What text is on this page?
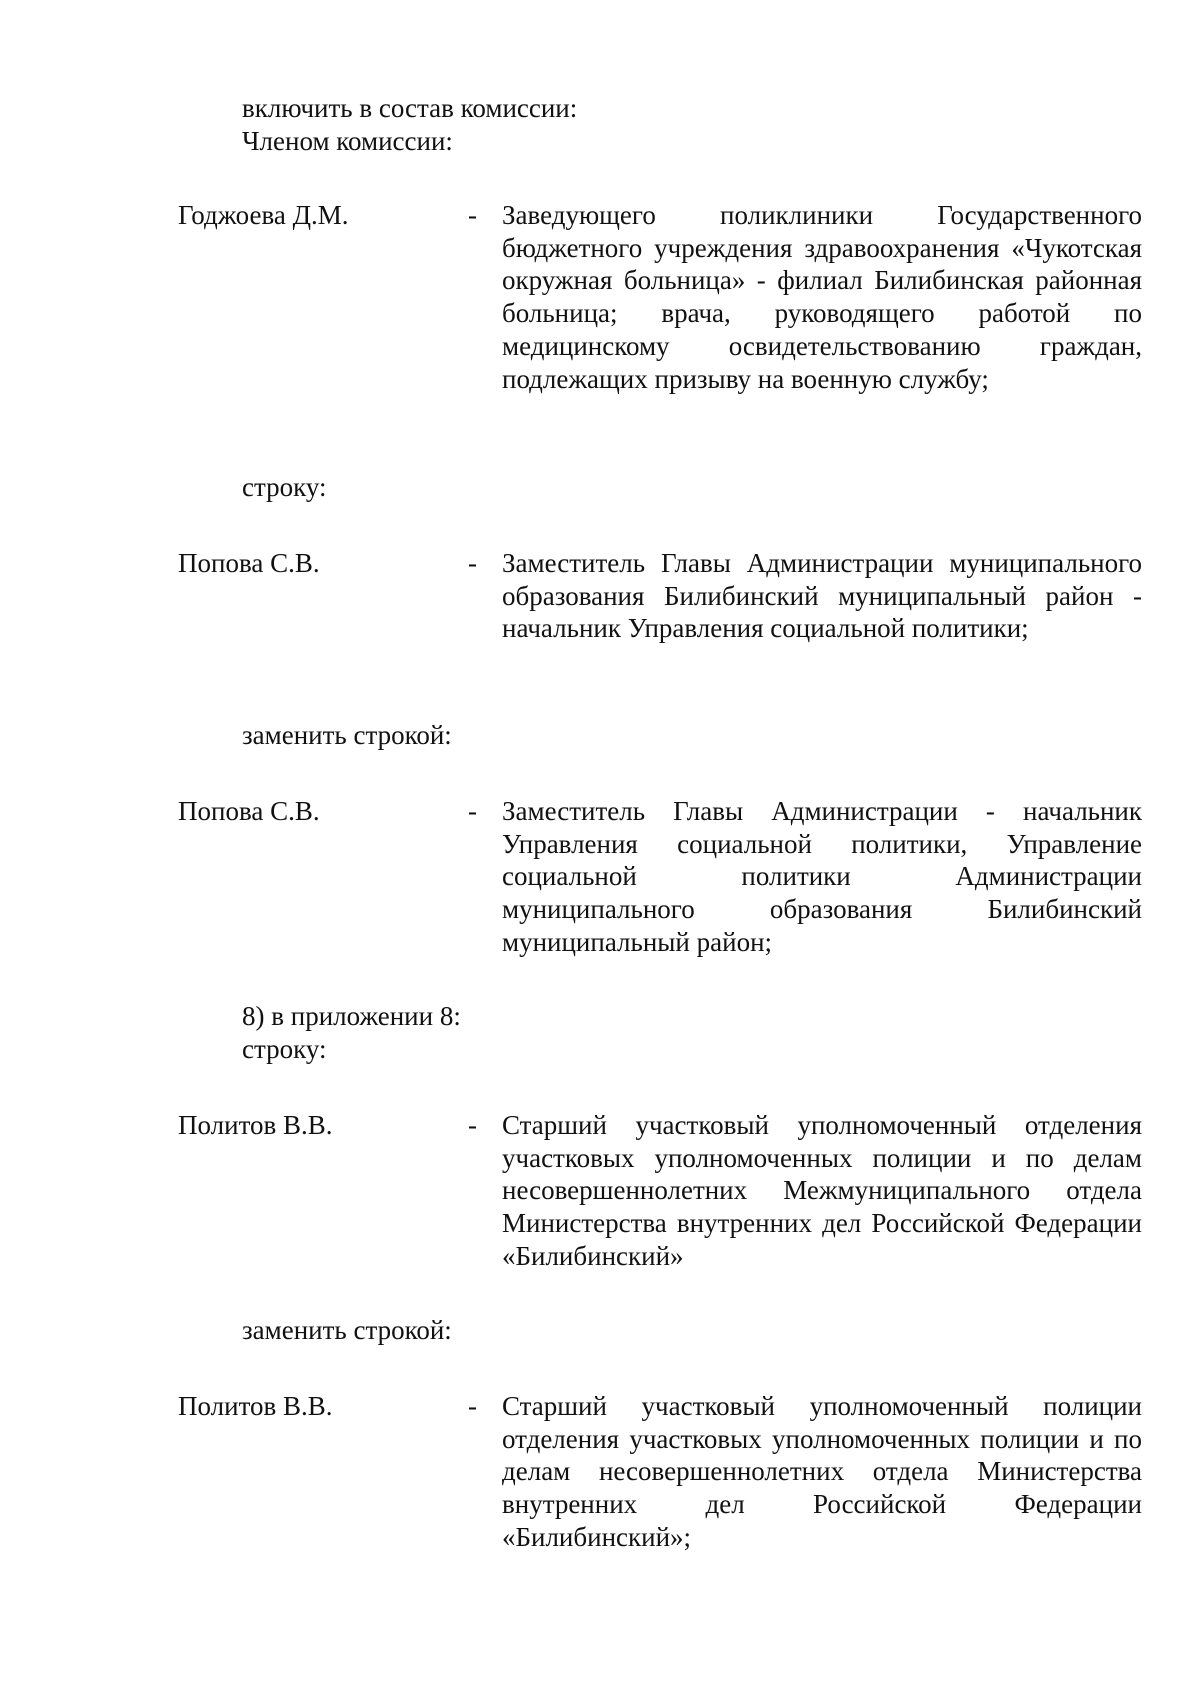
включить в состав комиссии:
Членом комиссии:
Годжоева Д.М.	- Заведующего поликлиники Государственного бюджетного учреждения здравоохранения «Чукотская окружная больница» - филиал Билибинская районная больница; врача, руководящего работой по медицинскому освидетельствованию граждан, подлежащих призыву на военную службу;
строку:
Попова С.В.	- Заместитель Главы Администрации муниципального образования Билибинский муниципальный район - начальник Управления социальной политики;
заменить строкой:
Попова С.В.	- Заместитель Главы Администрации - начальник Управления социальной политики, Управление социальной политики Администрации муниципального образования Билибинский муниципальный район;
8) в приложении 8:
строку:
Политов В.В.	- Старший участковый уполномоченный отделения участковых уполномоченных полиции и по делам несовершеннолетних Межмуниципального отдела Министерства внутренних дел Российской Федерации «Билибинский»
заменить строкой:
Политов В.В.	- Старший участковый уполномоченный полиции отделения участковых уполномоченных полиции и по делам несовершеннолетних отдела Министерства внутренних дел Российской Федерации «Билибинский»;
